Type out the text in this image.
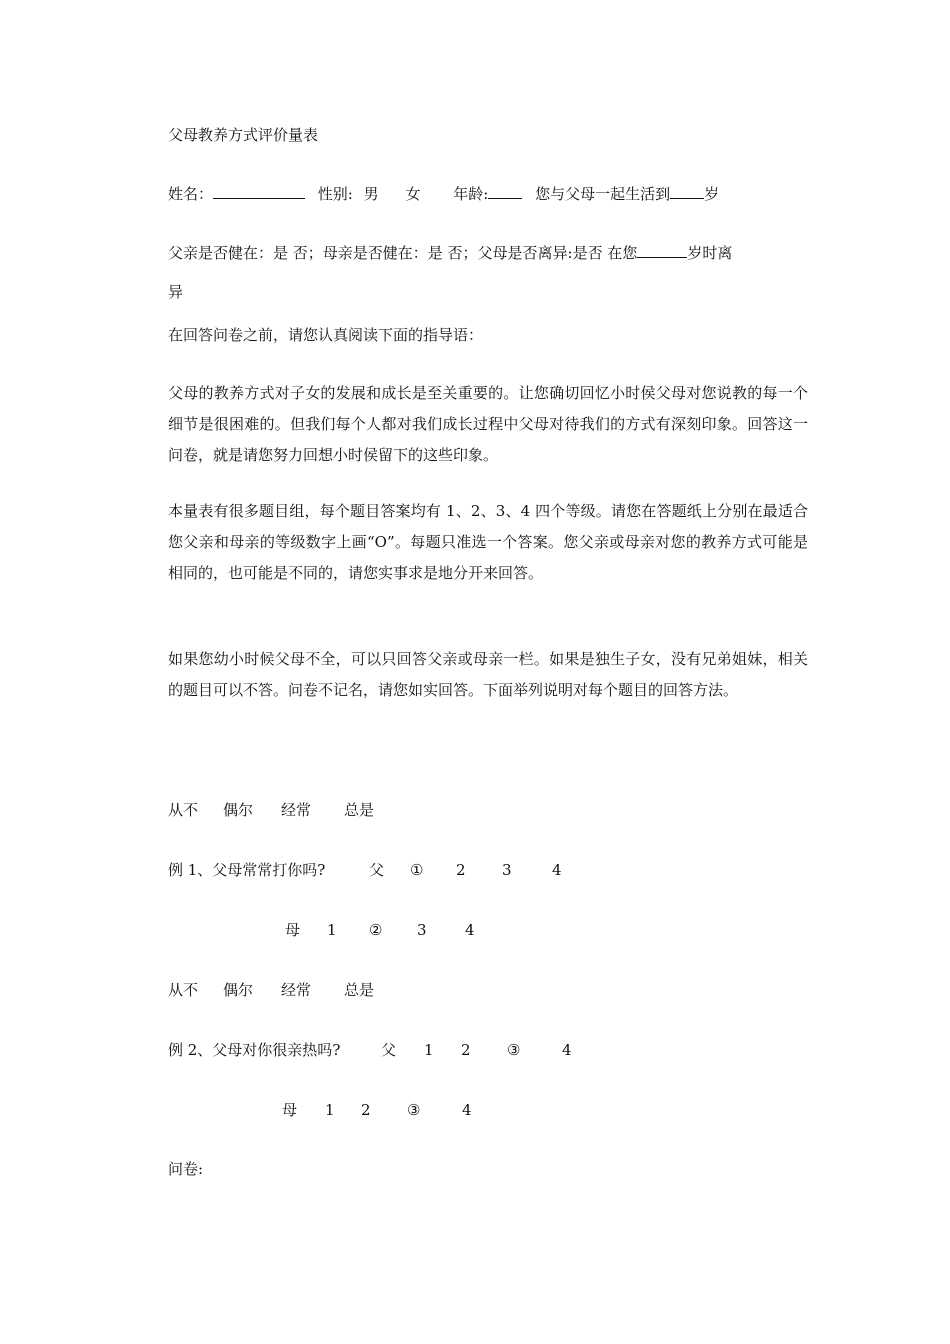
父母教养方式评价量表
姓名：	性别: 男 女 年龄:	您与父母一起生活到 岁
父亲是否健在：是 否；母亲是否健在：是 否；父母是否离异:是否 在您	岁时离
异
在回答问卷之前，请您认真阅读下面的指导语：
父母的教养方式对子女的发展和成长是至关重要的。让您确切回忆小时侯父母对您说教的每一个细节是很困难的。但我们每个人都对我们成长过程中父母对待我们的方式有深刻印象。回答这一问卷，就是请您努力回想小时侯留下的这些印象。
本量表有很多题目组，每个题目答案均有 1、2、3、4 四个等级。请您在答题纸上分别在最适合您父亲和母亲的等级数字上画“O”。每题只准选一个答案。您父亲或母亲对您的教养方式可能是相同的，也可能是不同的，请您实事求是地分开来回答。
如果您幼小时候父母不全，可以只回答父亲或母亲一栏。如果是独生子女，没有兄弟姐妹，相关的题目可以不答。问卷不记名，请您如实回答。下面举列说明对每个题目的回答方法。
从不 偶尔 经常 总是
例 1、父母常常打你吗?	父 ① 2 3	4
母 1 ② 3	4
从不 偶尔 经常 总是
例 2、父母对你很亲热吗?	父 1 2 ③	4
母 1 2 ③	4
问卷:
